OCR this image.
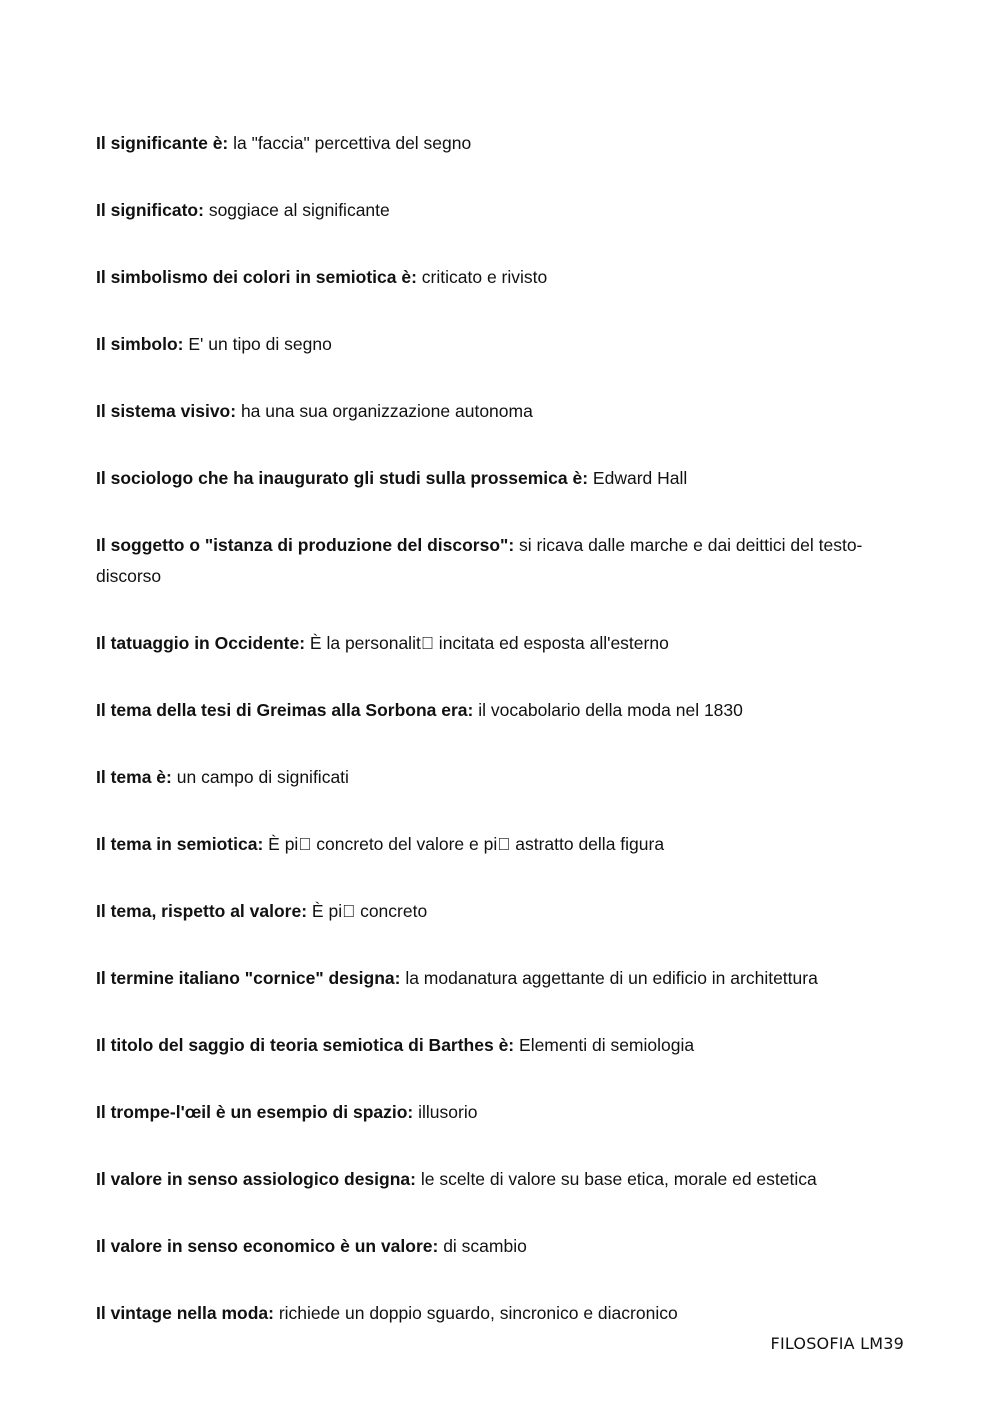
Il significante è: la "faccia" percettiva del segno
Il significato: soggiace al significante
Il simbolismo dei colori in semiotica è: criticato e rivisto
Il simbolo: E' un tipo di segno
Il sistema visivo: ha una sua organizzazione autonoma
Il sociologo che ha inaugurato gli studi sulla prossemica è: Edward Hall
Il soggetto o "istanza di produzione del discorso": si ricava dalle marche e dai deittici del testo-discorso
Il tatuaggio in Occidente: È la personalit  incitata ed esposta all'esterno
Il tema della tesi di Greimas alla Sorbona era: il vocabolario della moda nel 1830
Il tema è: un campo di significati
Il tema in semiotica: È pi  concreto del valore e pi  astratto della figura
Il tema, rispetto al valore: È pi  concreto
Il termine italiano "cornice" designa: la modanatura aggettante di un edificio in architettura
Il titolo del saggio di teoria semiotica di Barthes è: Elementi di semiologia
Il trompe-l'œil è un esempio di spazio: illusorio
Il valore in senso assiologico designa: le scelte di valore su base etica, morale ed estetica
Il valore in senso economico è un valore: di scambio
Il vintage nella moda: richiede un doppio sguardo, sincronico e diacronico
FILOSOFIA LM39
